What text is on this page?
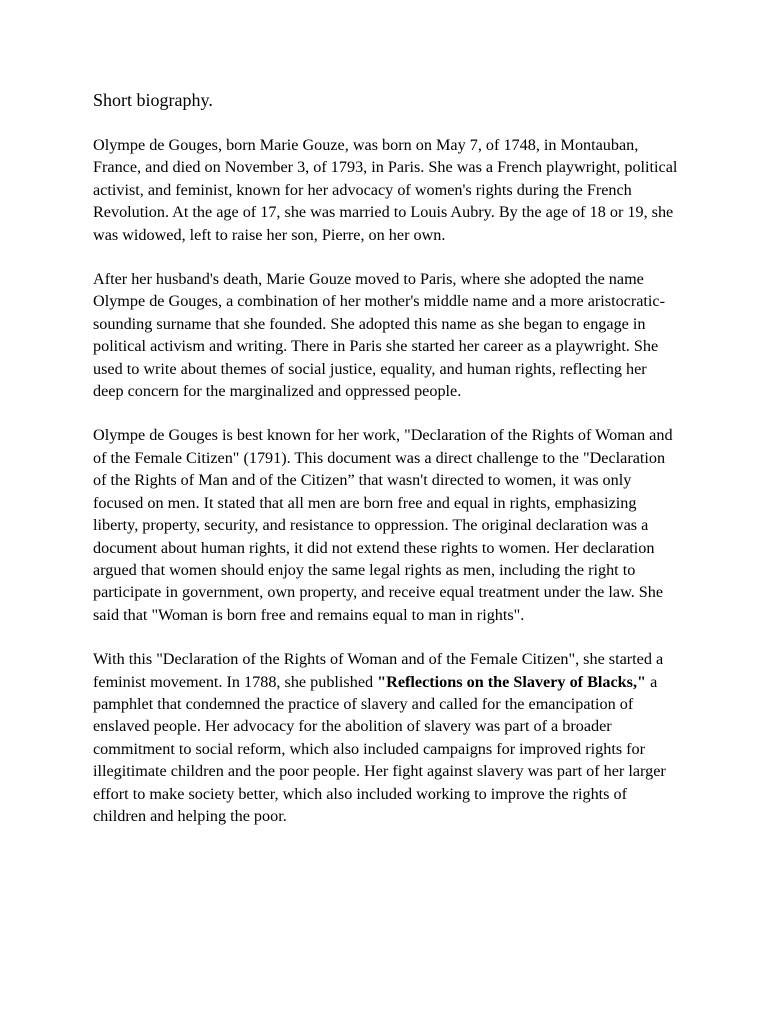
Short biography.

Olympe de Gouges, born Marie Gouze, was born on May 7, of 1748, in Montauban, France, and died on November 3, of 1793, in Paris. She was a French playwright, political activist, and feminist, known for her advocacy of women's rights during the French Revolution. At the age of 17, she was married to Louis Aubry. By the age of 18 or 19, she was widowed, left to raise her son, Pierre, on her own.

After her husband's death, Marie Gouze moved to Paris, where she adopted the name Olympe de Gouges, a combination of her mother's middle name and a more aristocratic-sounding surname that she founded. She adopted this name as she began to engage in political activism and writing. There in Paris she started her career as a playwright. She used to write about themes of social justice, equality, and human rights, reflecting her deep concern for the marginalized and oppressed people.

Olympe de Gouges is best known for her work, "Declaration of the Rights of Woman and of the Female Citizen" (1791). This document was a direct challenge to the "Declaration of the Rights of Man and of the Citizen” that wasn't directed to women, it was only focused on men. It stated that all men are born free and equal in rights, emphasizing liberty, property, security, and resistance to oppression. The original declaration was a document about human rights, it did not extend these rights to women. Her declaration argued that women should enjoy the same legal rights as men, including the right to participate in government, own property, and receive equal treatment under the law. She said that "Woman is born free and remains equal to man in rights".

With this "Declaration of the Rights of Woman and of the Female Citizen", she started a feminist movement. In 1788, she published "Reflections on the Slavery of Blacks," a pamphlet that condemned the practice of slavery and called for the emancipation of enslaved people. Her advocacy for the abolition of slavery was part of a broader commitment to social reform, which also included campaigns for improved rights for illegitimate children and the poor people. Her fight against slavery was part of her larger effort to make society better, which also included working to improve the rights of children and helping the poor.
